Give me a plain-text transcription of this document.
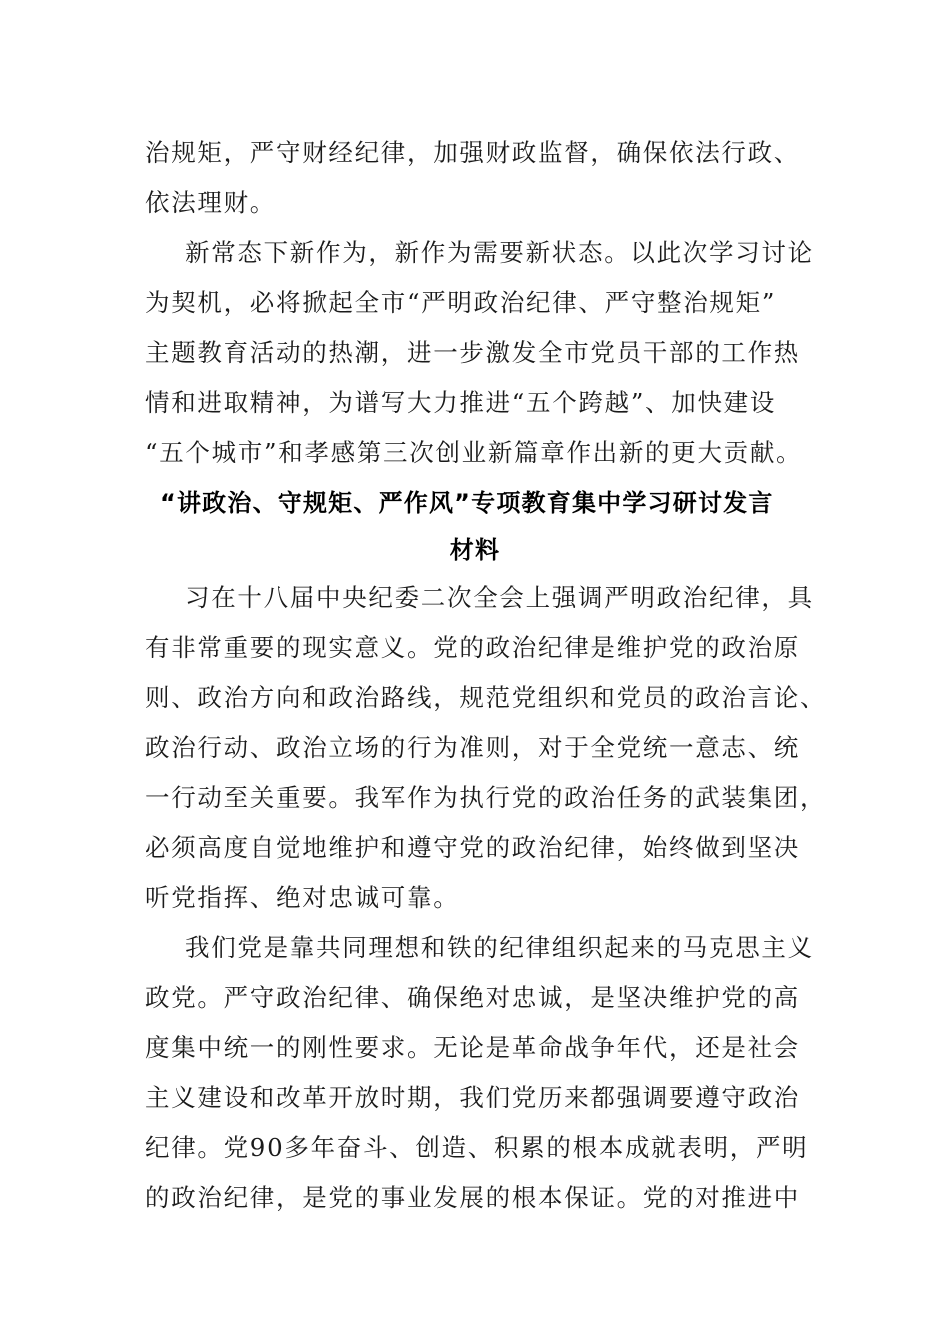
治规矩，严守财经纪律，加强财政监督，确保依法行政、
依法理财。
新常态下新作为，新作为需要新状态。以此次学习讨论
为契机，必将掀起全市“严明政治纪律、严守整治规矩”
主题教育活动的热潮，进一步激发全市党员干部的工作热
情和进取精神，为谱写大力推进“五个跨越”、加快建设
“五个城市”和孝感第三次创业新篇章作出新的更大贡献。
“讲政治、守规矩、严作风”专项教育集中学习研讨发言
材料
习在十八届中央纪委二次全会上强调严明政治纪律，具
有非常重要的现实意义。党的政治纪律是维护党的政治原
则、政治方向和政治路线，规范党组织和党员的政治言论、
政治行动、政治立场的行为准则，对于全党统一意志、统
一行动至关重要。我军作为执行党的政治任务的武装集团，
必须高度自觉地维护和遵守党的政治纪律，始终做到坚决
听党指挥、绝对忠诚可靠。
我们党是靠共同理想和铁的纪律组织起来的马克思主义
政党。严守政治纪律、确保绝对忠诚，是坚决维护党的高
度集中统一的刚性要求。无论是革命战争年代，还是社会
主义建设和改革开放时期，我们党历来都强调要遵守政治
纪律。党90多年奋斗、创造、积累的根本成就表明，严明
的政治纪律，是党的事业发展的根本保证。党的对推进中
